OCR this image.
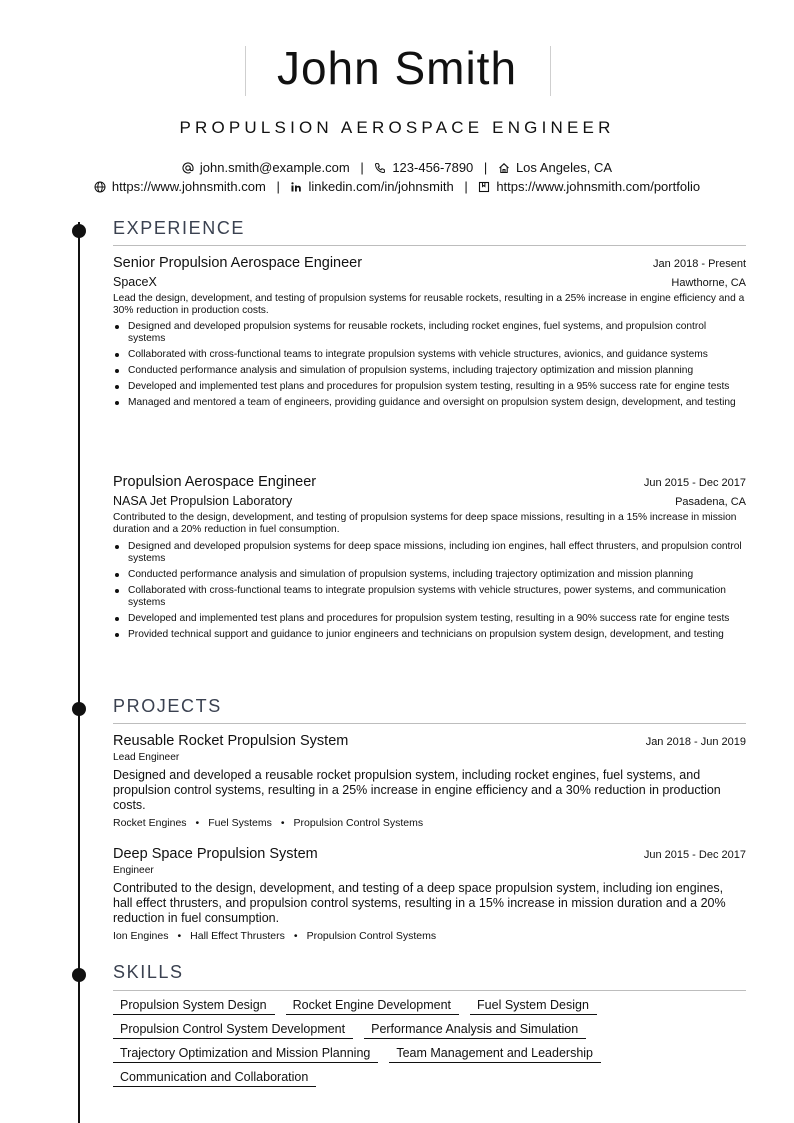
John Smith
PROPULSION AEROSPACE ENGINEER
john.smith@example.com | 123-456-7890 | Los Angeles, CA
https://www.johnsmith.com | linkedin.com/in/johnsmith | https://www.johnsmith.com/portfolio
EXPERIENCE
Senior Propulsion Aerospace Engineer	Jan 2018 - Present
SpaceX	Hawthorne, CA
Lead the design, development, and testing of propulsion systems for reusable rockets, resulting in a 25% increase in engine efficiency and a 30% reduction in production costs.
Designed and developed propulsion systems for reusable rockets, including rocket engines, fuel systems, and propulsion control systems
Collaborated with cross-functional teams to integrate propulsion systems with vehicle structures, avionics, and guidance systems
Conducted performance analysis and simulation of propulsion systems, including trajectory optimization and mission planning
Developed and implemented test plans and procedures for propulsion system testing, resulting in a 95% success rate for engine tests
Managed and mentored a team of engineers, providing guidance and oversight on propulsion system design, development, and testing
Propulsion Aerospace Engineer	Jun 2015 - Dec 2017
NASA Jet Propulsion Laboratory	Pasadena, CA
Contributed to the design, development, and testing of propulsion systems for deep space missions, resulting in a 15% increase in mission duration and a 20% reduction in fuel consumption.
Designed and developed propulsion systems for deep space missions, including ion engines, hall effect thrusters, and propulsion control systems
Conducted performance analysis and simulation of propulsion systems, including trajectory optimization and mission planning
Collaborated with cross-functional teams to integrate propulsion systems with vehicle structures, power systems, and communication systems
Developed and implemented test plans and procedures for propulsion system testing, resulting in a 90% success rate for engine tests
Provided technical support and guidance to junior engineers and technicians on propulsion system design, development, and testing
PROJECTS
Reusable Rocket Propulsion System	Jan 2018 - Jun 2019
Lead Engineer
Designed and developed a reusable rocket propulsion system, including rocket engines, fuel systems, and propulsion control systems, resulting in a 25% increase in engine efficiency and a 30% reduction in production costs.
Rocket Engines • Fuel Systems • Propulsion Control Systems
Deep Space Propulsion System	Jun 2015 - Dec 2017
Engineer
Contributed to the design, development, and testing of a deep space propulsion system, including ion engines, hall effect thrusters, and propulsion control systems, resulting in a 15% increase in mission duration and a 20% reduction in fuel consumption.
Ion Engines • Hall Effect Thrusters • Propulsion Control Systems
SKILLS
Propulsion System Design Rocket Engine Development Fuel System Design
Propulsion Control System Development Performance Analysis and Simulation
Trajectory Optimization and Mission Planning Team Management and Leadership
Communication and Collaboration
